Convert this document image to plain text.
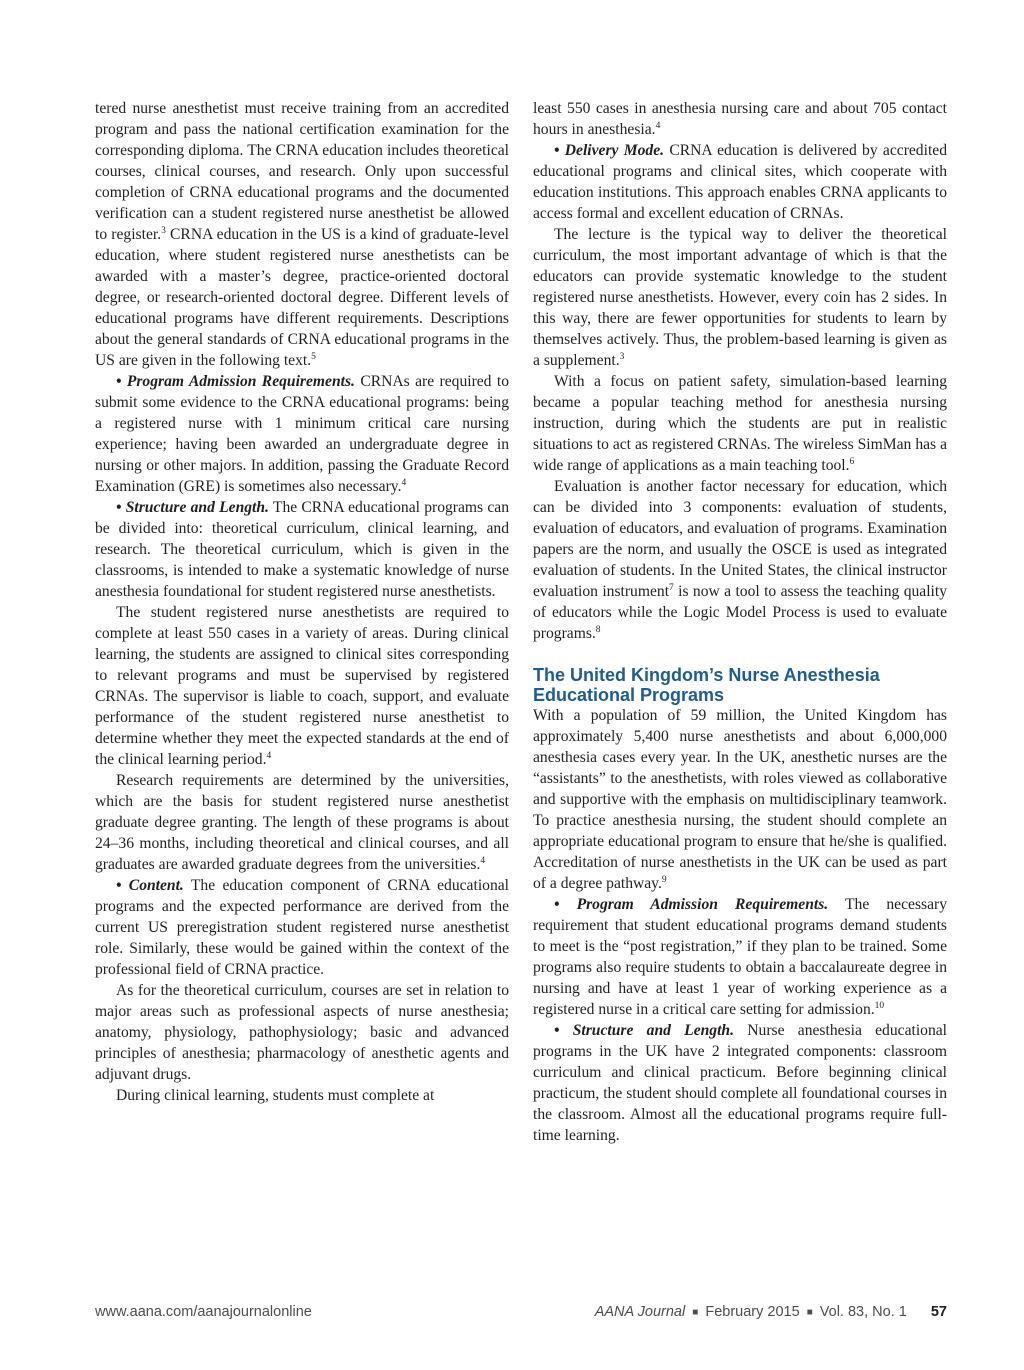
tered nurse anesthetist must receive training from an accredited program and pass the national certification examination for the corresponding diploma. The CRNA education includes theoretical courses, clinical courses, and research. Only upon successful completion of CRNA educational programs and the documented verification can a student registered nurse anesthetist be allowed to register.$^3$ CRNA education in the US is a kind of graduate-level education, where student registered nurse anesthetists can be awarded with a master’s degree, practice-oriented doctoral degree, or research-oriented doctoral degree. Different levels of educational programs have different requirements. Descriptions about the general standards of CRNA educational programs in the US are given in the following text.$^5$

• Program Admission Requirements. CRNAs are required to submit some evidence to the CRNA educational programs: being a registered nurse with 1 minimum critical care nursing experience; having been awarded an undergraduate degree in nursing or other majors. In addition, passing the Graduate Record Examination (GRE) is sometimes also necessary.$^4$

• Structure and Length. The CRNA educational programs can be divided into: theoretical curriculum, clinical learning, and research. The theoretical curriculum, which is given in the classrooms, is intended to make a systematic knowledge of nurse anesthesia foundational for student registered nurse anesthetists.

The student registered nurse anesthetists are required to complete at least 550 cases in a variety of areas. During clinical learning, the students are assigned to clinical sites corresponding to relevant programs and must be supervised by registered CRNAs. The supervisor is liable to coach, support, and evaluate performance of the student registered nurse anesthetist to determine whether they meet the expected standards at the end of the clinical learning period.$^4$

Research requirements are determined by the universities, which are the basis for student registered nurse anesthetist graduate degree granting. The length of these programs is about 24–36 months, including theoretical and clinical courses, and all graduates are awarded graduate degrees from the universities.$^4$

• Content. The education component of CRNA educational programs and the expected performance are derived from the current US preregistration student registered nurse anesthetist role. Similarly, these would be gained within the context of the professional field of CRNA practice.

As for the theoretical curriculum, courses are set in relation to major areas such as professional aspects of nurse anesthesia; anatomy, physiology, pathophysiology; basic and advanced principles of anesthesia; pharmacology of anesthetic agents and adjuvant drugs.

During clinical learning, students must complete at

least 550 cases in anesthesia nursing care and about 705 contact hours in anesthesia.$^4$

• Delivery Mode. CRNA education is delivered by accredited educational programs and clinical sites, which cooperate with education institutions. This approach enables CRNA applicants to access formal and excellent education of CRNAs.

The lecture is the typical way to deliver the theoretical curriculum, the most important advantage of which is that the educators can provide systematic knowledge to the student registered nurse anesthetists. However, every coin has 2 sides. In this way, there are fewer opportunities for students to learn by themselves actively. Thus, the problem-based learning is given as a supplement.$^3$

With a focus on patient safety, simulation-based learning became a popular teaching method for anesthesia nursing instruction, during which the students are put in realistic situations to act as registered CRNAs. The wireless SimMan has a wide range of applications as a main teaching tool.$^6$

Evaluation is another factor necessary for education, which can be divided into 3 components: evaluation of students, evaluation of educators, and evaluation of programs. Examination papers are the norm, and usually the OSCE is used as integrated evaluation of students. In the United States, the clinical instructor evaluation instrument$^7$ is now a tool to assess the teaching quality of educators while the Logic Model Process is used to evaluate programs.$^8$

The United Kingdom’s Nurse Anesthesia Educational Programs

With a population of 59 million, the United Kingdom has approximately 5,400 nurse anesthetists and about 6,000,000 anesthesia cases every year. In the UK, anesthetic nurses are the “assistants” to the anesthetists, with roles viewed as collaborative and supportive with the emphasis on multidisciplinary teamwork. To practice anesthesia nursing, the student should complete an appropriate educational program to ensure that he/she is qualified. Accreditation of nurse anesthetists in the UK can be used as part of a degree pathway.$^9$

• Program Admission Requirements. The necessary requirement that student educational programs demand students to meet is the “post registration,” if they plan to be trained. Some programs also require students to obtain a baccalaureate degree in nursing and have at least 1 year of working experience as a registered nurse in a critical care setting for admission.$^{10}$

• Structure and Length. Nurse anesthesia educational programs in the UK have 2 integrated components: classroom curriculum and clinical practicum. Before beginning clinical practicum, the student should complete all foundational courses in the classroom. Almost all the educational programs require full-time learning.

www.aana.com/aanajournalonline	AANA Journal ■ February 2015 ■ Vol. 83, No. 1 57
